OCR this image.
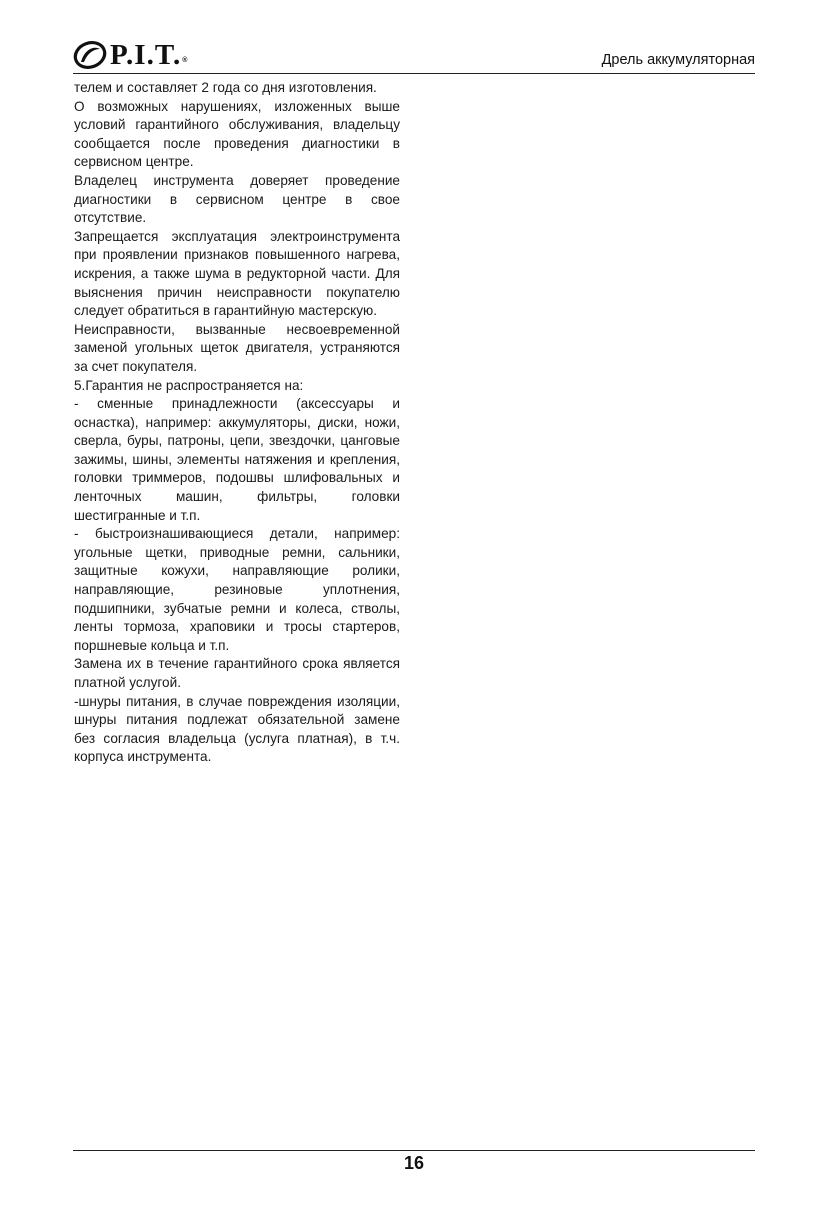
P.I.T.®	Дрель аккумуляторная

телем и составляет 2 года со дня изготовления.

О возможных нарушениях, изложенных выше условий гарантийного обслуживания, владельцу сообщается после проведения диагностики в сервисном центре.

Владелец инструмента доверяет проведение диагностики в сервисном центре в свое отсутствие.

Запрещается эксплуатация электроинструмента при проявлении признаков повышенного нагрева, искрения, а также шума в редукторной части. Для выяснения причин неисправности покупателю следует обратиться в гарантийную мастерскую.

Неисправности, вызванные несвоевременной заменой угольных щеток двигателя, устраняются за счет покупателя.

5.Гарантия не распространяется на:

- сменные принадлежности (аксессуары и оснастка), например: аккумуляторы, диски, ножи, сверла, буры, патроны, цепи, звездочки, цанговые зажимы, шины, элементы натяжения и крепления, головки триммеров, подошвы шлифовальных и ленточных машин, фильтры, головки шестигранные и т.п.

- быстроизнашивающиеся детали, например: угольные щетки, приводные ремни, сальники, защитные кожухи, направляющие ролики, направляющие, резиновые уплотнения, подшипники, зубчатые ремни и колеса, стволы, ленты тормоза, храповики и тросы стартеров, поршневые кольца и т.п.

Замена их в течение гарантийного срока является платной услугой.

-шнуры питания, в случае повреждения изоляции, шнуры питания подлежат обязательной замене без согласия владельца (услуга платная), в т.ч. корпуса инструмента.

16
